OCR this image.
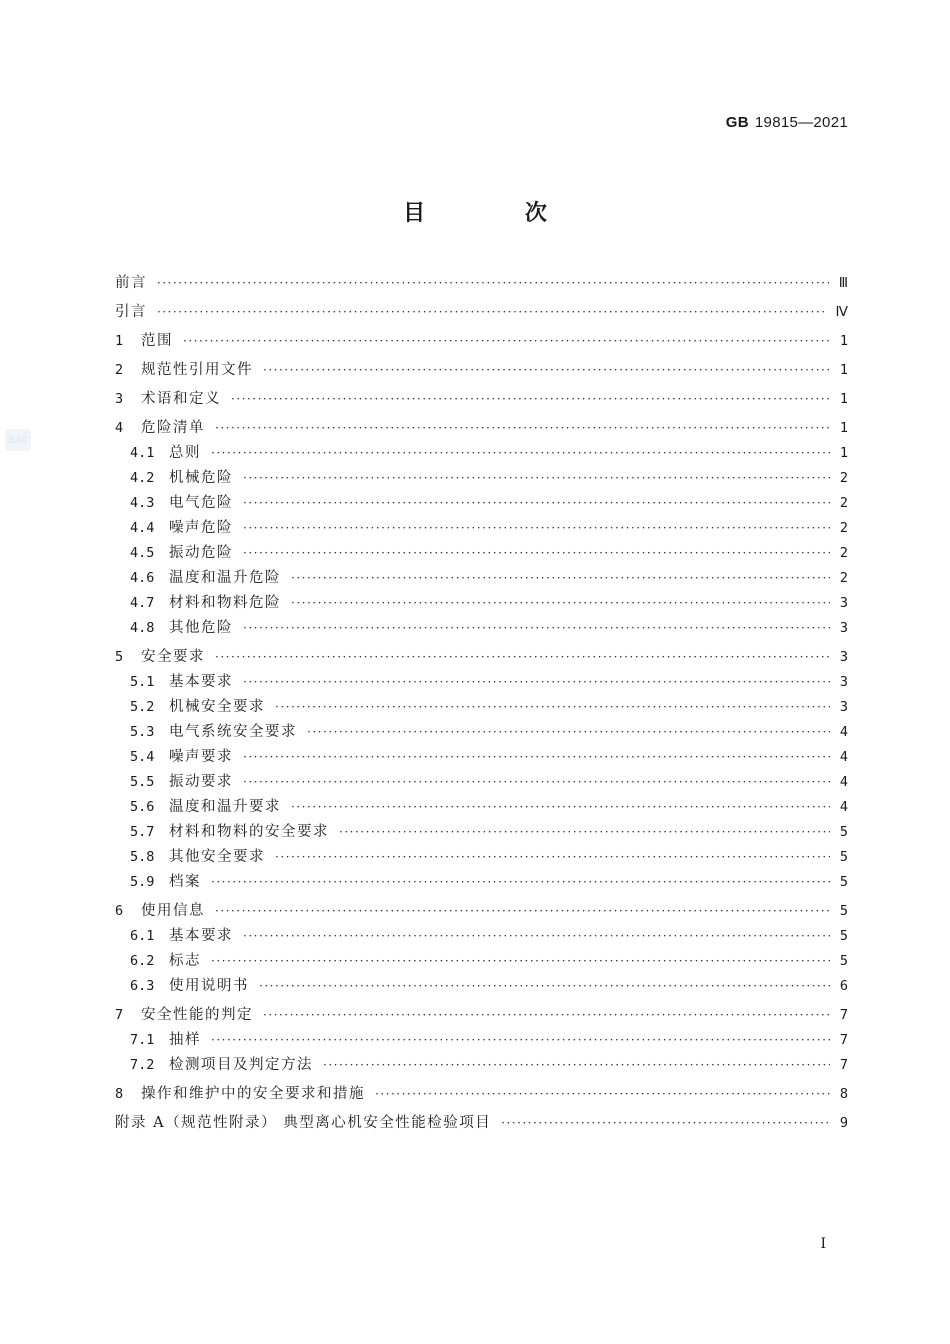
GB 19815—2021
目 次
SAC
前言 ·····	Ⅲ
引言 ·····	Ⅳ
1	范围 ·····	1
2	规范性引用文件 ·····	1
3	术语和定义 ·····	1
4	危险清单 ·····	1
4.1	总则 ·····	1
4.2	机械危险 ·····	2
4.3	电气危险 ·····	2
4.4	噪声危险 ·····	2
4.5	振动危险 ·····	2
4.6	温度和温升危险 ·····	2
4.7	材料和物料危险 ·····	3
4.8	其他危险 ·····	3
5	安全要求 ·····	3
5.1	基本要求 ·····	3
5.2	机械安全要求 ·····	3
5.3	电气系统安全要求 ·····	4
5.4	噪声要求 ·····	4
5.5	振动要求 ·····	4
5.6	温度和温升要求 ·····	4
5.7	材料和物料的安全要求 ·····	5
5.8	其他安全要求 ·····	5
5.9	档案 ·····	5
6	使用信息 ·····	5
6.1	基本要求 ·····	5
6.2	标志 ·····	5
6.3	使用说明书 ·····	6
7	安全性能的判定 ·····	7
7.1	抽样 ·····	7
7.2	检测项目及判定方法 ·····	7
8	操作和维护中的安全要求和措施 ·····	8
附录 A（规范性附录） 典型离心机安全性能检验项目 ·····	9
I
